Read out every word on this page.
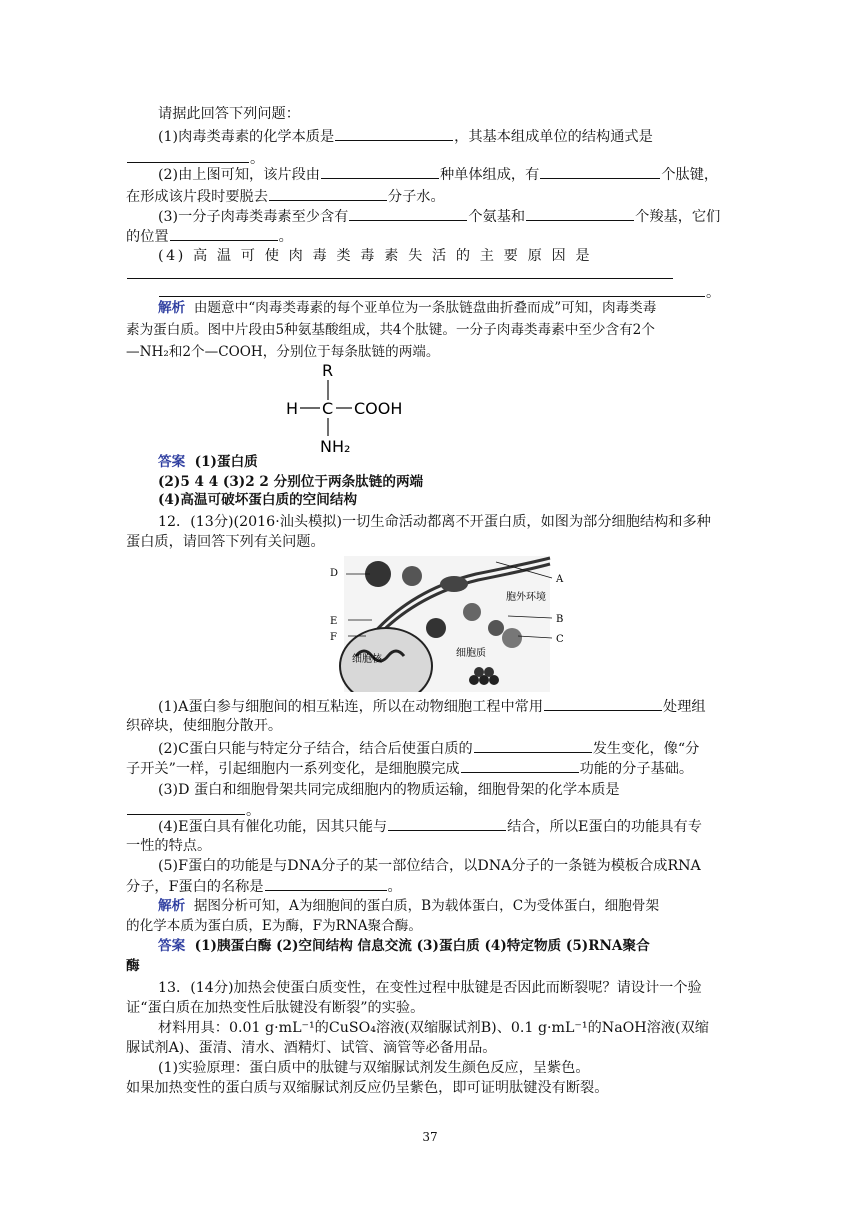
请据此回答下列问题：
(1)肉毒类毒素的化学本质是	，其基本组成单位的结构通式是
。
(2)由上图可知，该片段由	种单体组成，有	个肽键，
在形成该片段时要脱去	分子水。
(3)一分子肉毒类毒素至少含有	个氨基和	个羧基，它们
的位置	。
(4) 高 温 可 使 肉 毒 类 毒 素 失 活 的 主 要 原 因 是
。
解析 由题意中“肉毒类毒素的每个亚单位为一条肽链盘曲折叠而成”可知，肉毒类毒
素为蛋白质。图中片段由5种氨基酸组成，共4个肽键。一分子肉毒类毒素中至少含有2个
—NH₂和2个—COOH，分别位于每条肽链的两端。
R
H C COOH
NH₂
答案 (1)蛋白质
(2)5 4 4 (3)2 2 分别位于两条肽链的两端
(4)高温可破坏蛋白质的空间结构
12．(13分)(2016·汕头模拟)一切生命活动都离不开蛋白质，如图为部分细胞结构和多种
蛋白质，请回答下列有关问题。
D
A
胞外环境
E	B
F	C
细胞质
细胞核
(1)A蛋白参与细胞间的相互粘连，所以在动物细胞工程中常用	处理组
织碎块，使细胞分散开。
(2)C蛋白只能与特定分子结合，结合后使蛋白质的	发生变化，像“分
子开关”一样，引起细胞内一系列变化，是细胞膜完成	功能的分子基础。
(3)D 蛋白和细胞骨架共同完成细胞内的物质运输，细胞骨架的化学本质是
。
(4)E蛋白具有催化功能，因其只能与	结合，所以E蛋白的功能具有专
一性的特点。
(5)F蛋白的功能是与DNA分子的某一部位结合，以DNA分子的一条链为模板合成RNA
分子，F蛋白的名称是	。
解析 据图分析可知，A为细胞间的蛋白质，B为载体蛋白，C为受体蛋白，细胞骨架
的化学本质为蛋白质，E为酶，F为RNA聚合酶。
答案 (1)胰蛋白酶 (2)空间结构 信息交流 (3)蛋白质 (4)特定物质 (5)RNA聚合
酶
13．(14分)加热会使蛋白质变性，在变性过程中肽键是否因此而断裂呢？请设计一个验
证“蛋白质在加热变性后肽键没有断裂”的实验。
材料用具：0.01 g·mL⁻¹的CuSO₄溶液(双缩脲试剂B)、0.1 g·mL⁻¹的NaOH溶液(双缩
脲试剂A)、蛋清、清水、酒精灯、试管、滴管等必备用品。
(1)实验原理：蛋白质中的肽键与双缩脲试剂发生颜色反应，呈紫色。
如果加热变性的蛋白质与双缩脲试剂反应仍呈紫色，即可证明肽键没有断裂。
37
